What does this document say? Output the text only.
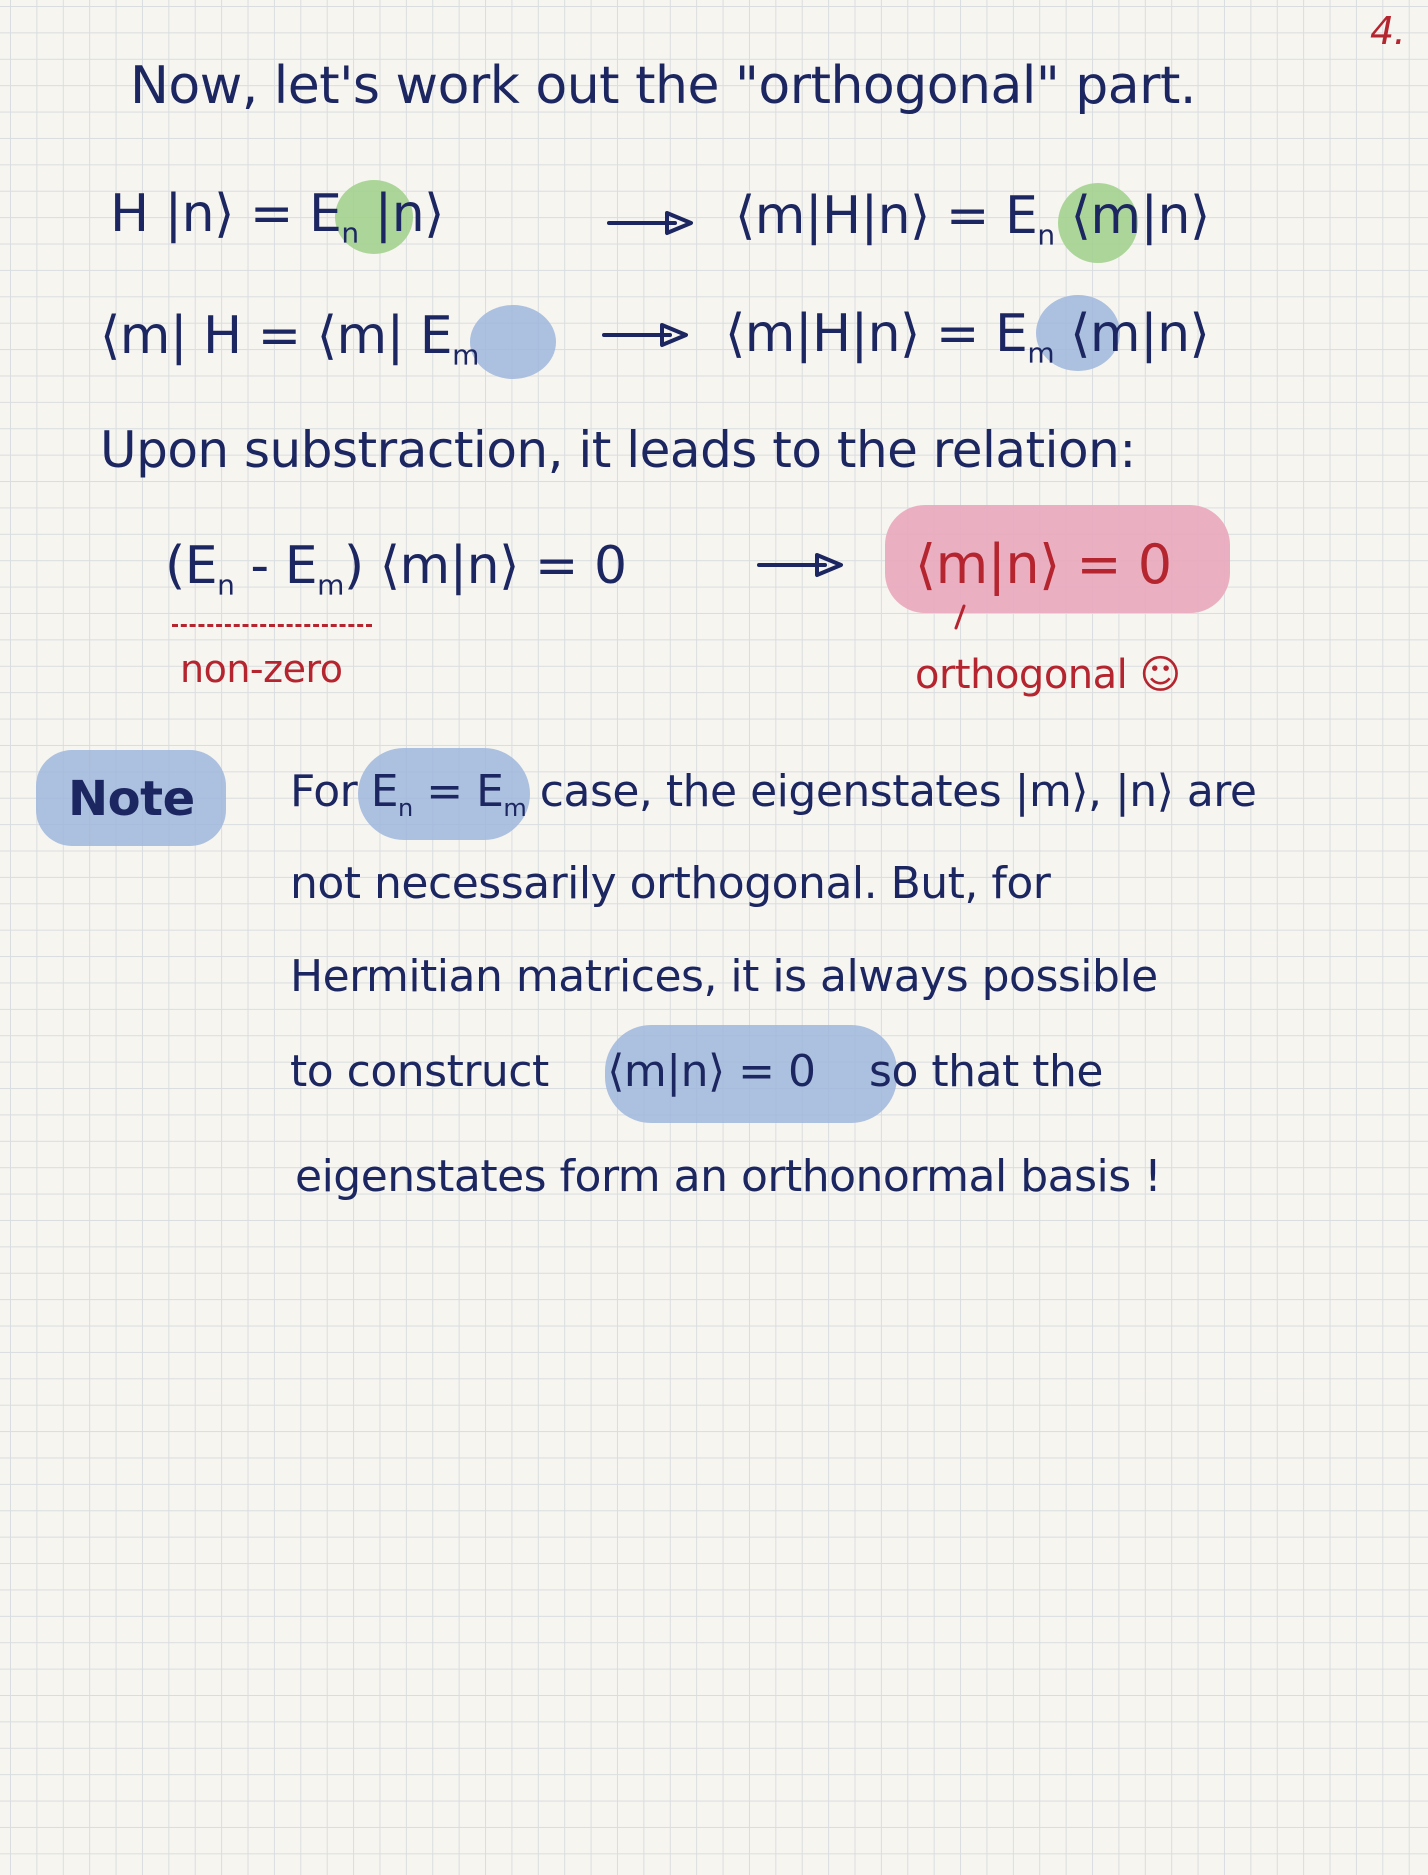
4.
Now, let's work out the "orthogonal" part.
H |n⟩ = $E_n$ |n⟩	⟨m|H|n⟩ = $E_n$ ⟨m|n⟩
⟨m| H = ⟨m| $E_m$	⟨m|H|n⟩ = $E_m$ ⟨m|n⟩
Upon substraction, it leads to the relation:
$(E_n - E_m)$ ⟨m|n⟩ = 0	⟨m|n⟩ = 0
non-zero	orthogonal ☺
Note For $E_n = E_m$ case, the eigenstates |m⟩, |n⟩ are
not necessarily orthogonal. But, for
Hermitian matrices, it is always possible
to construct ⟨m|n⟩ = 0 so that the
eigenstates form an orthonormal basis !
